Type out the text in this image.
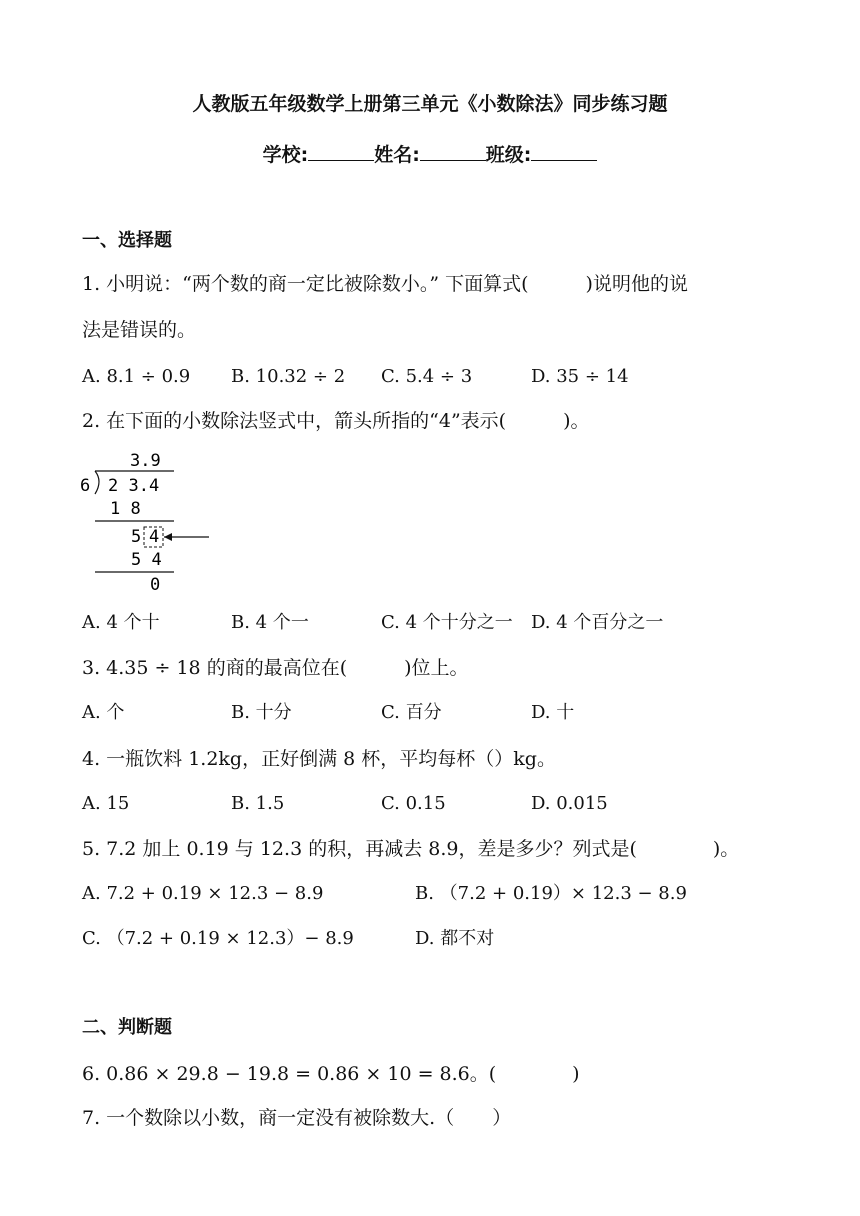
人教版五年级数学上册第三单元《小数除法》同步练习题
学校:	姓名:	班级:
一、选择题
1. 小明说：“两个数的商一定比被除数小。” 下面算式(　　　)说明他的说
法是错误的。
A. 8.1 ÷ 0.9 B. 10.32 ÷ 2 C. 5.4 ÷ 3	D. 35 ÷ 14
2. 在下面的小数除法竖式中，箭头所指的“4”表示(　　　)。
3.9
6 2 3.4
1 8
5 4
5 4
0
A. 4 个十	B. 4 个一	C. 4 个十分之一 D. 4 个百分之一
3. 4.35 ÷ 18 的商的最高位在(　　　)位上。
A. 个	B. 十分	C. 百分	D. 十
4. 一瓶饮料 1.2kg，正好倒满 8 杯，平均每杯（）kg。
A. 15	B. 1.5	C. 0.15	D. 0.015
5. 7.2 加上 0.19 与 12.3 的积，再减去 8.9，差是多少？列式是(　　　　)。
A. 7.2 + 0.19 × 12.3 − 8.9	B. （7.2 + 0.19）× 12.3 − 8.9
C. （7.2 + 0.19 × 12.3）− 8.9	D. 都不对
二、判断题
6. 0.86 × 29.8 − 19.8 = 0.86 × 10 = 8.6。(　　　　)
7. 一个数除以小数，商一定没有被除数大.（　　）
